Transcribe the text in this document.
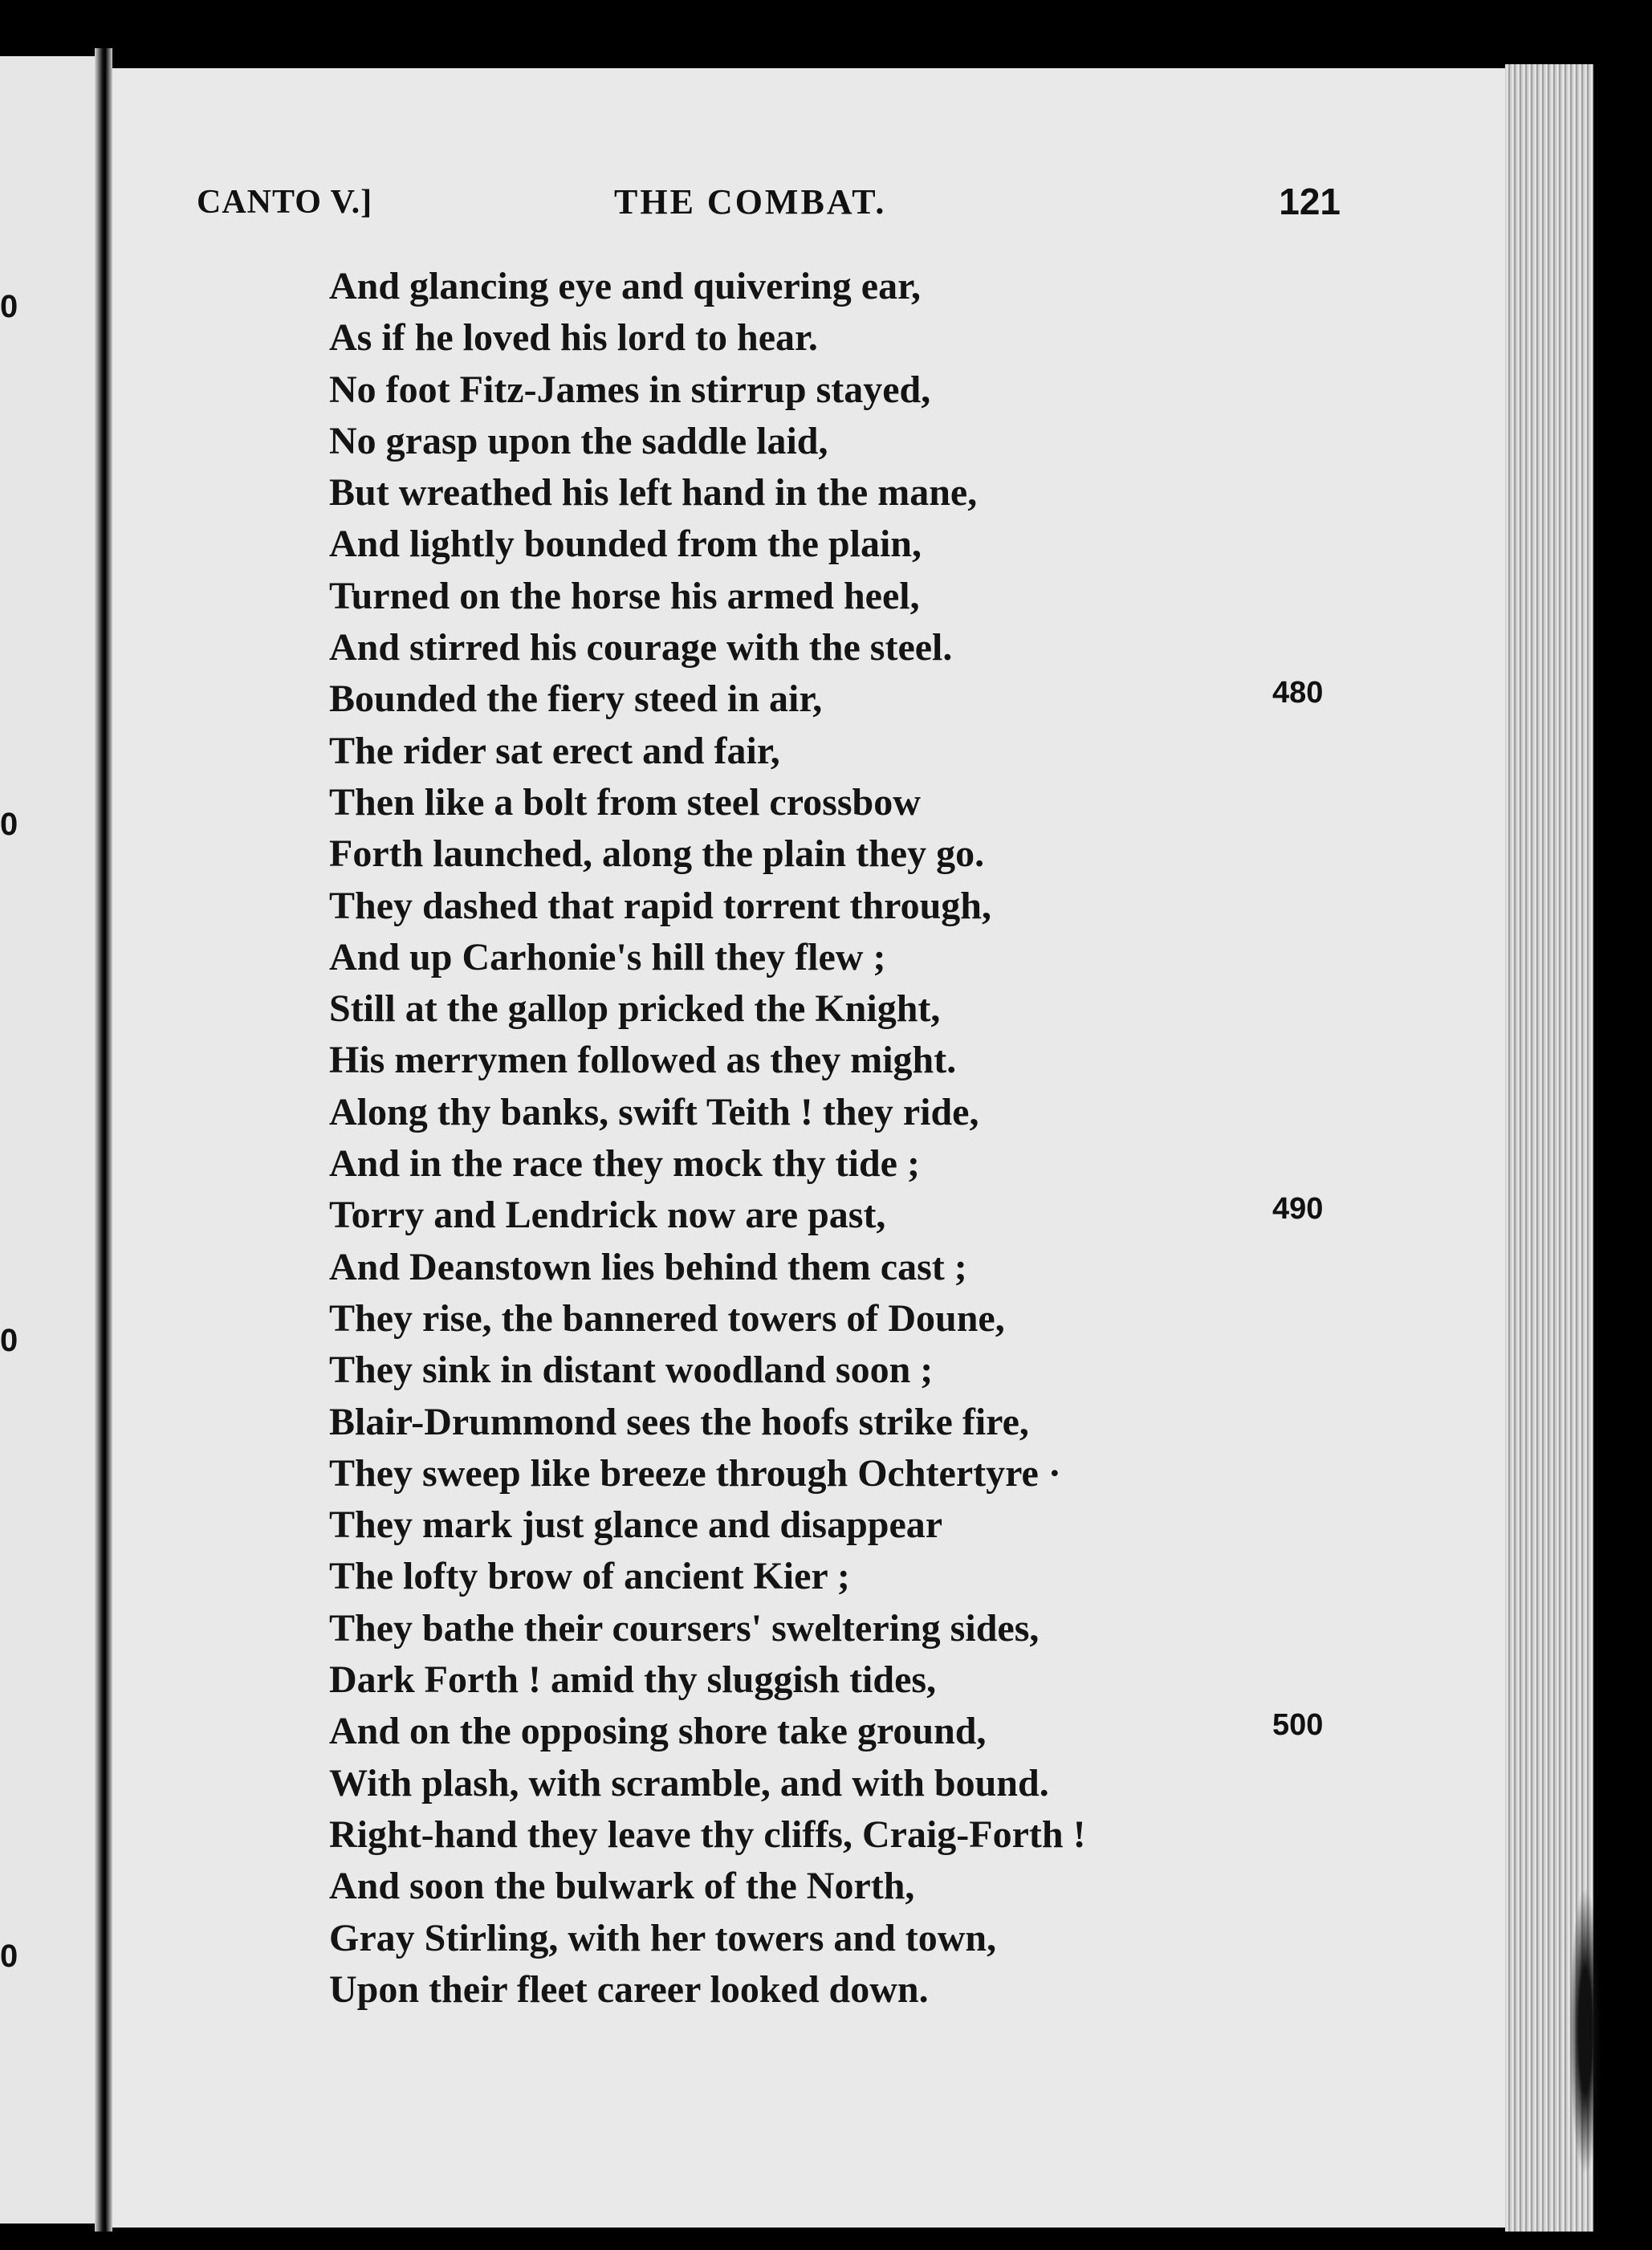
0
0
0
0
CANTO V.]	THE COMBAT.	121
And glancing eye and quivering ear,
As if he loved his lord to hear.
No foot Fitz-James in stirrup stayed,
No grasp upon the saddle laid,
But wreathed his left hand in the mane,
And lightly bounded from the plain,
Turned on the horse his armed heel,
And stirred his courage with the steel.
Bounded the fiery steed in air,
The rider sat erect and fair,
Then like a bolt from steel crossbow
Forth launched, along the plain they go.
They dashed that rapid torrent through,
And up Carhonie's hill they flew ;
Still at the gallop pricked the Knight,
His merrymen followed as they might.
Along thy banks, swift Teith ! they ride,
And in the race they mock thy tide ;
Torry and Lendrick now are past,
And Deanstown lies behind them cast ;
They rise, the bannered towers of Doune,
They sink in distant woodland soon ;
Blair-Drummond sees the hoofs strike fire,
They sweep like breeze through Ochtertyre ·
They mark just glance and disappear
The lofty brow of ancient Kier ;
They bathe their coursers' sweltering sides,
Dark Forth ! amid thy sluggish tides,
And on the opposing shore take ground,
With plash, with scramble, and with bound.
Right-hand they leave thy cliffs, Craig-Forth !
And soon the bulwark of the North,
Gray Stirling, with her towers and town,
Upon their fleet career looked down.
480
490
500
